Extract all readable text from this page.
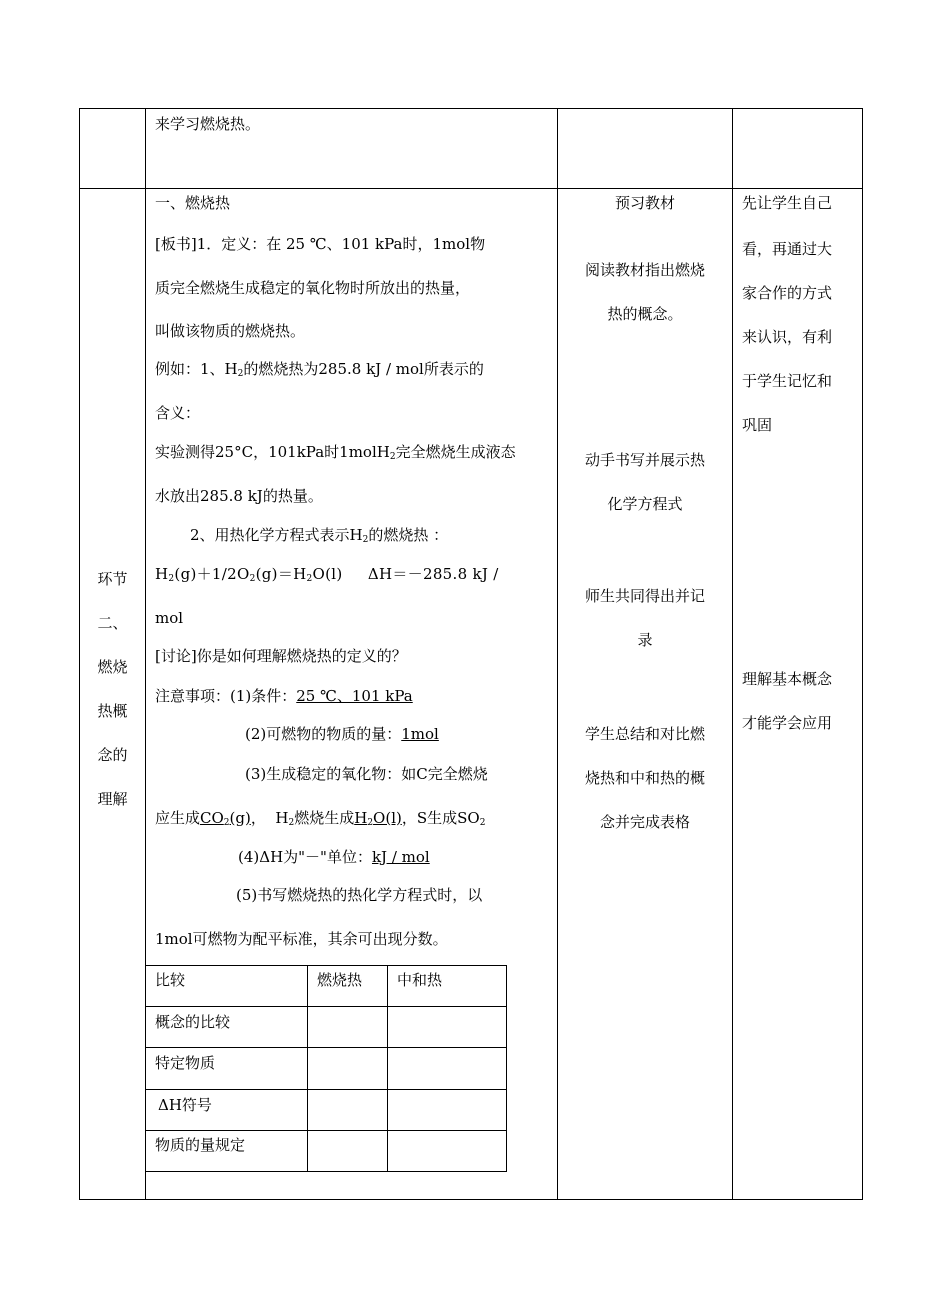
来学习燃烧热。
环节
二、
燃烧
热概
念的
理解
一、燃烧热
[板书]1．定义：在 25 ℃、101 kPa时，1mol物
质完全燃烧生成稳定的氧化物时所放出的热量，
叫做该物质的燃烧热。
例如：1、$H_2$的燃烧热为285.8 kJ / mol所表示的
含义：
实验测得25°C，101kPa时1molH$_2$完全燃烧生成液态
水放出285.8 kJ的热量。
2、用热化学方程式表示$H_2$的燃烧热 ：
$H_2(g)+1/2O_2(g)=H_2O(l)$     ΔH＝－285.8 kJ /
mol
[讨论]你是如何理解燃烧热的定义的？
注意事项：(1)条件：25 ℃、101 kPa
(2)可燃物的物质的量：1mol
(3)生成稳定的氧化物：如C完全燃烧
应生成$CO_2(g)$，  $H_2$燃烧生成$H_2O(l)$，S生成$SO_2$
(4)ΔH为"－"单位：kJ / mol
(5)书写燃烧热的热化学方程式时，以
1mol可燃物为配平标准，其余可出现分数。
比较	燃烧热 中和热
概念的比较
特定物质
ΔH符号
物质的量规定
预习教材
阅读教材指出燃烧
热的概念。
动手书写并展示热
化学方程式
师生共同得出并记
录
学生总结和对比燃
烧热和中和热的概
念并完成表格
先让学生自己
看，再通过大
家合作的方式
来认识，有利
于学生记忆和
巩固
理解基本概念
才能学会应用
